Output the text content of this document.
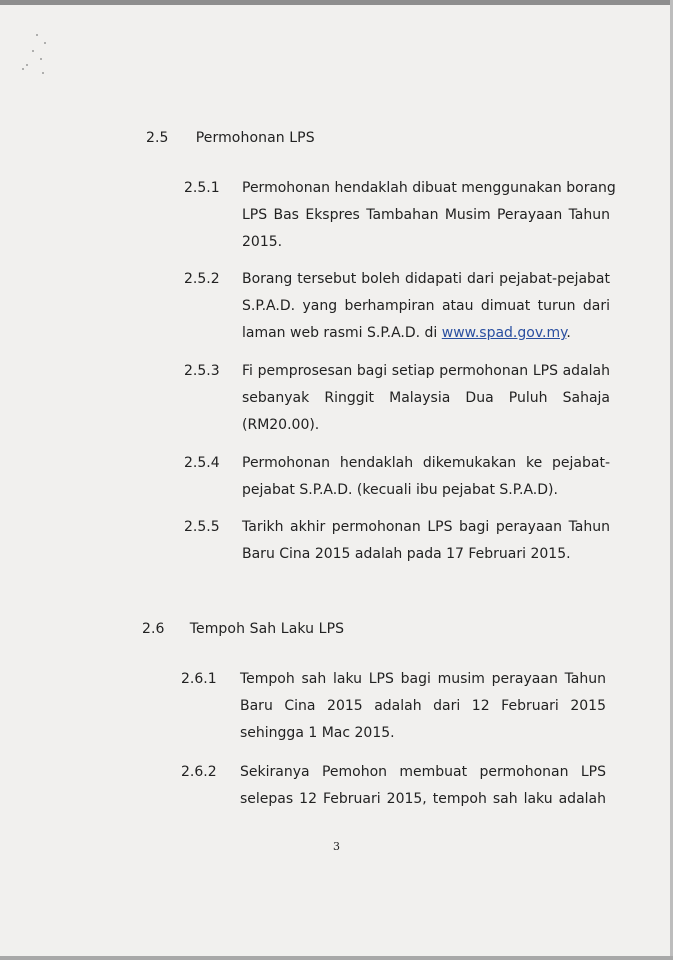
2.5 Permohonan LPS
2.5.1 Permohonan hendaklah dibuat menggunakan borang
LPS Bas Ekspres Tambahan Musim Perayaan Tahun
2015.
2.5.2 Borang tersebut boleh didapati dari pejabat-pejabat
S.P.A.D. yang berhampiran atau dimuat turun dari
laman web rasmi S.P.A.D. di www.spad.gov.my.
2.5.3 Fi pemprosesan bagi setiap permohonan LPS adalah
sebanyak Ringgit Malaysia Dua Puluh Sahaja
(RM20.00).
2.5.4 Permohonan hendaklah dikemukakan ke pejabat-
pejabat S.P.A.D. (kecuali ibu pejabat S.P.A.D).
2.5.5 Tarikh akhir permohonan LPS bagi perayaan Tahun
Baru Cina 2015 adalah pada 17 Februari 2015.
2.6 Tempoh Sah Laku LPS
2.6.1 Tempoh sah laku LPS bagi musim perayaan Tahun
Baru Cina 2015 adalah dari 12 Februari 2015
sehingga 1 Mac 2015.
2.6.2 Sekiranya Pemohon membuat permohonan LPS
selepas 12 Februari 2015, tempoh sah laku adalah
3
